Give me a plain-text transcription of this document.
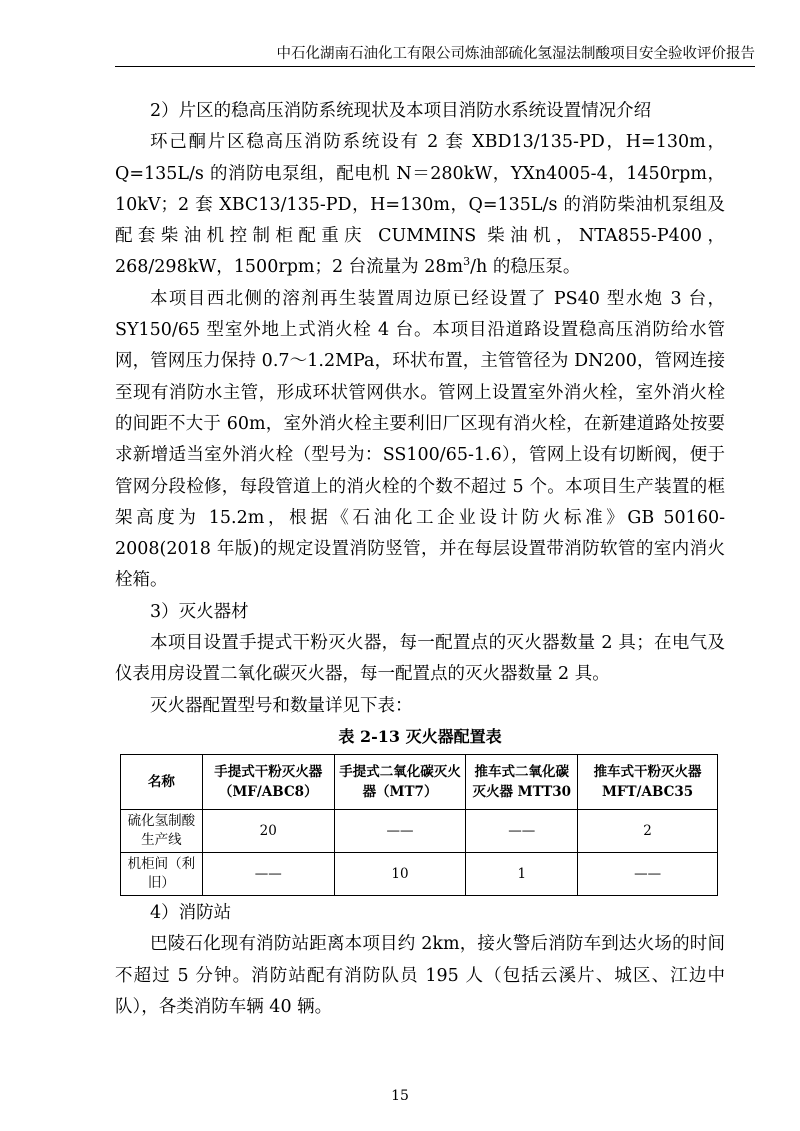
中石化湖南石油化工有限公司炼油部硫化氢湿法制酸项目安全验收评价报告

2）片区的稳高压消防系统现状及本项目消防水系统设置情况介绍

环己酮片区稳高压消防系统设有 2 套 XBD13/135-PD，H=130m，Q=135L/s 的消防电泵组，配电机 N＝280kW，YXn4005-4，1450rpm，10kV；2 套 XBC13/135-PD，H=130m，Q=135L/s 的消防柴油机泵组及配套柴油机控制柜配重庆 CUMMINS 柴油机，NTA855-P400，268/298kW，1500rpm；2 台流量为 $28m^3/h$ 的稳压泵。

本项目西北侧的溶剂再生装置周边原已经设置了 PS40 型水炮 3 台，SY150/65 型室外地上式消火栓 4 台。本项目沿道路设置稳高压消防给水管网，管网压力保持 0.7～1.2MPa，环状布置，主管管径为 DN200，管网连接至现有消防水主管，形成环状管网供水。管网上设置室外消火栓，室外消火栓的间距不大于 60m，室外消火栓主要利旧厂区现有消火栓，在新建道路处按要求新增适当室外消火栓（型号为：SS100/65-1.6），管网上设有切断阀，便于管网分段检修，每段管道上的消火栓的个数不超过 5 个。本项目生产装置的框架高度为 15.2m，根据《石油化工企业设计防火标准》GB 50160-2008(2018 年版)的规定设置消防竖管，并在每层设置带消防软管的室内消火栓箱。

3）灭火器材

本项目设置手提式干粉灭火器，每一配置点的灭火器数量 2 具；在电气及仪表用房设置二氧化碳灭火器，每一配置点的灭火器数量 2 具。

灭火器配置型号和数量详见下表：

表 2-13 灭火器配置表
名称	手提式干粉灭火器（MF/ABC8）	手提式二氧化碳灭火器（MT7）	推车式二氧化碳灭火器 MTT30	推车式干粉灭火器 MFT/ABC35
硫化氢制酸生产线	20	——	——	2
机柜间（利旧）	——	10	1	——

4）消防站

巴陵石化现有消防站距离本项目约 2km，接火警后消防车到达火场的时间不超过 5 分钟。消防站配有消防队员 195 人（包括云溪片、城区、江边中队），各类消防车辆 40 辆。

15
